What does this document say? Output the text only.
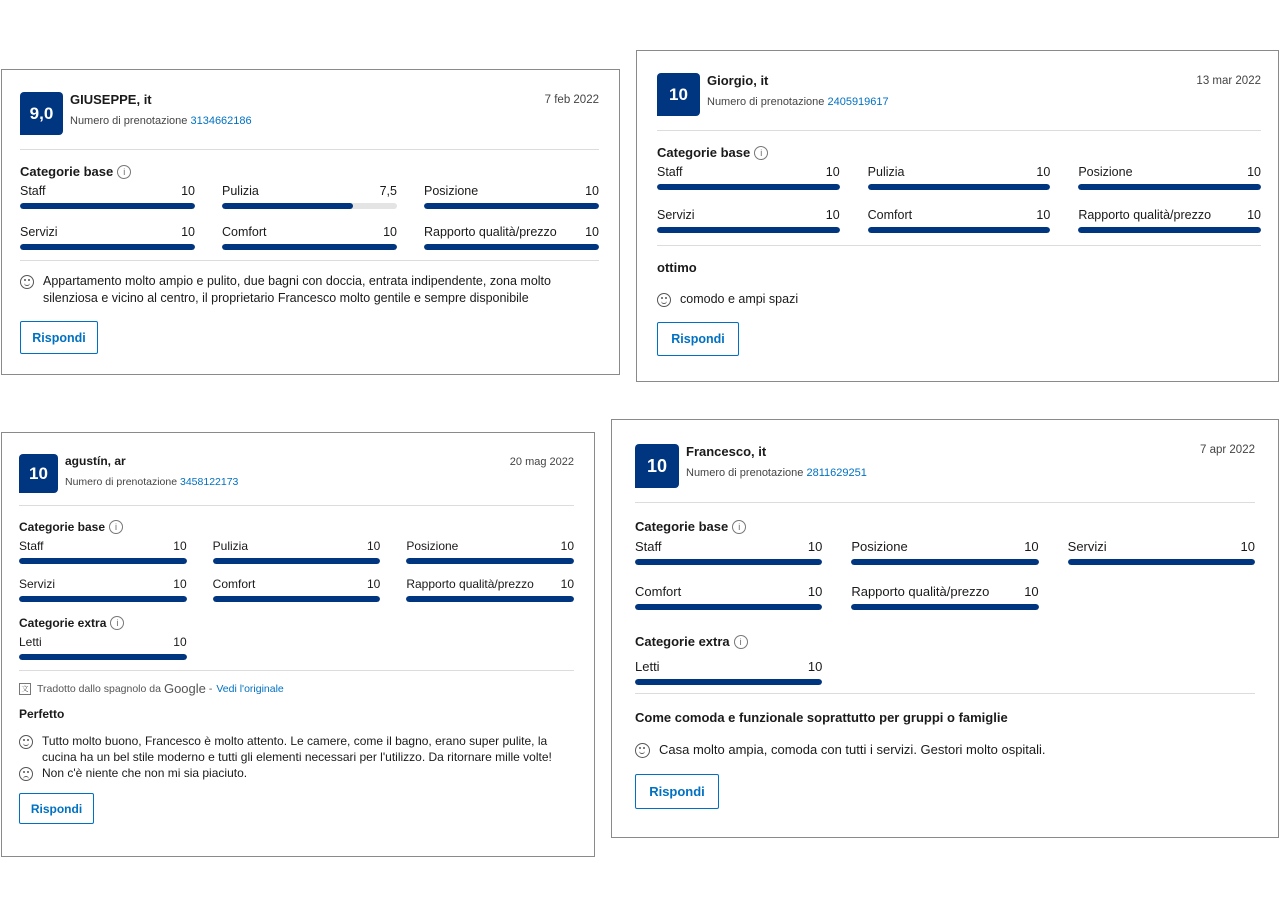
9,0
GIUSEPPE, it
Numero di prenotazione 3134662186
7 feb 2022
Categorie base	i
Staff	10 Pulizia	7,5 Posizione	10
Servizi	10 Comfort	10 Rapporto qualità/prezzo 10
Appartamento molto ampio e pulito, due bagni con doccia, entrata indipendente, zona molto silenziosa e vicino al centro, il proprietario Francesco molto gentile e sempre disponibile
Rispondi
10
Giorgio, it
Numero di prenotazione 2405919617
13 mar 2022
Categorie base	i
Staff	10 Pulizia	10 Posizione	10
Servizi	10 Comfort	10 Rapporto qualità/prezzo	10
ottimo
comodo e ampi spazi
Rispondi
10
agustín, ar
Numero di prenotazione 3458122173
20 mag 2022
Categorie base	i
Staff	10 Pulizia	10 Posizione	10
Servizi	10 Comfort	10 Rapporto qualità/prezzo 10
Categorie extra	i
Letti	10
文 Tradotto dallo spagnolo da Google - Vedi l'originale
Perfetto
Tutto molto buono, Francesco è molto attento. Le camere, come il bagno, erano super pulite, la cucina ha un bel stile moderno e tutti gli elementi necessari per l'utilizzo. Da ritornare mille volte!
Non c'è niente che non mi sia piaciuto.
Rispondi
10
Francesco, it
Numero di prenotazione 2811629251
7 apr 2022
Categorie base	i
Staff	10 Posizione	10 Servizi	10
Comfort	10 Rapporto qualità/prezzo	10
Categorie extra	i
Letti	10
Come comoda e funzionale soprattutto per gruppi o famiglie
Casa molto ampia, comoda con tutti i servizi. Gestori molto ospitali.
Rispondi
